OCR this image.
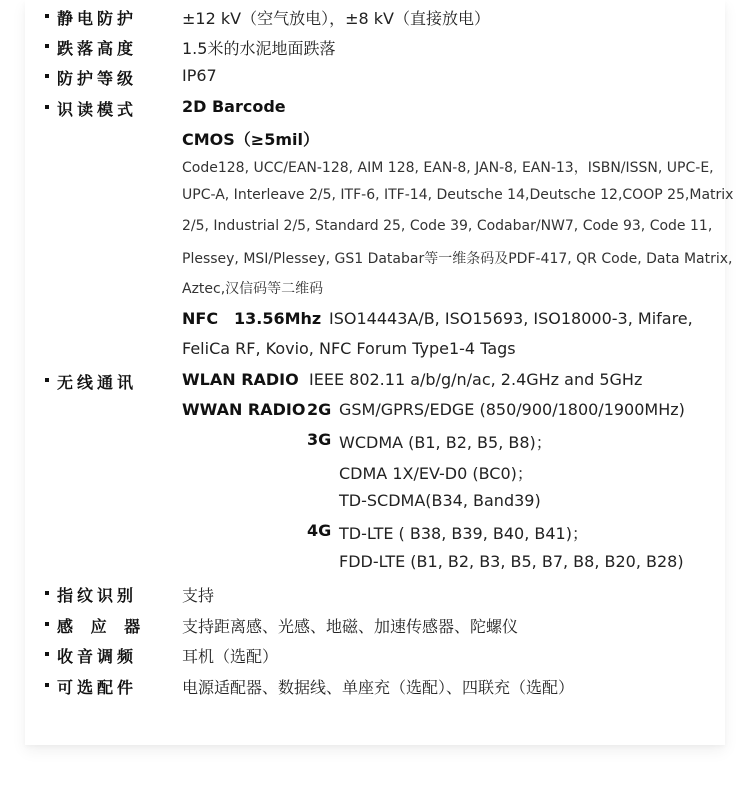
静电防护
跌落高度
防护等级
识读模式
无线通讯
指纹识别
感 应 器
收音调频
可选配件
±12 kV（空气放电），±8 kV（直接放电）
1.5米的水泥地面跌落
IP67
2D Barcode
CMOS（≥5mil）
Code128, UCC/EAN-128, AIM 128, EAN-8, JAN-8, EAN-13，ISBN/ISSN, UPC-E,
UPC-A, Interleave 2/5, ITF-6, ITF-14, Deutsche 14,Deutsche 12,COOP 25,Matrix
2/5, Industrial 2/5, Standard 25, Code 39, Codabar/NW7, Code 93, Code 11,
Plessey, MSI/Plessey, GS1 Databar等一维条码及PDF-417, QR Code, Data Matrix,
Aztec,汉信码等二维码
NFC 13.56Mhz ISO14443A/B, ISO15693, ISO18000-3, Mifare,
FeliCa RF, Kovio, NFC Forum Type1-4 Tags
WLAN RADIO IEEE 802.11 a/b/g/n/ac, 2.4GHz and 5GHz
WWAN RADIO 2G GSM/GPRS/EDGE (850/900/1800/1900MHz)
3G WCDMA (B1, B2, B5, B8)；
CDMA 1X/EV-D0 (BC0)；
TD-SCDMA(B34, Band39)
4G TD-LTE ( B38, B39, B40, B41)；
FDD-LTE (B1, B2, B3, B5, B7, B8, B20, B28)
支持
支持距离感、光感、地磁、加速传感器、陀螺仪
耳机（选配）
电源适配器、数据线、单座充（选配）、四联充（选配）
